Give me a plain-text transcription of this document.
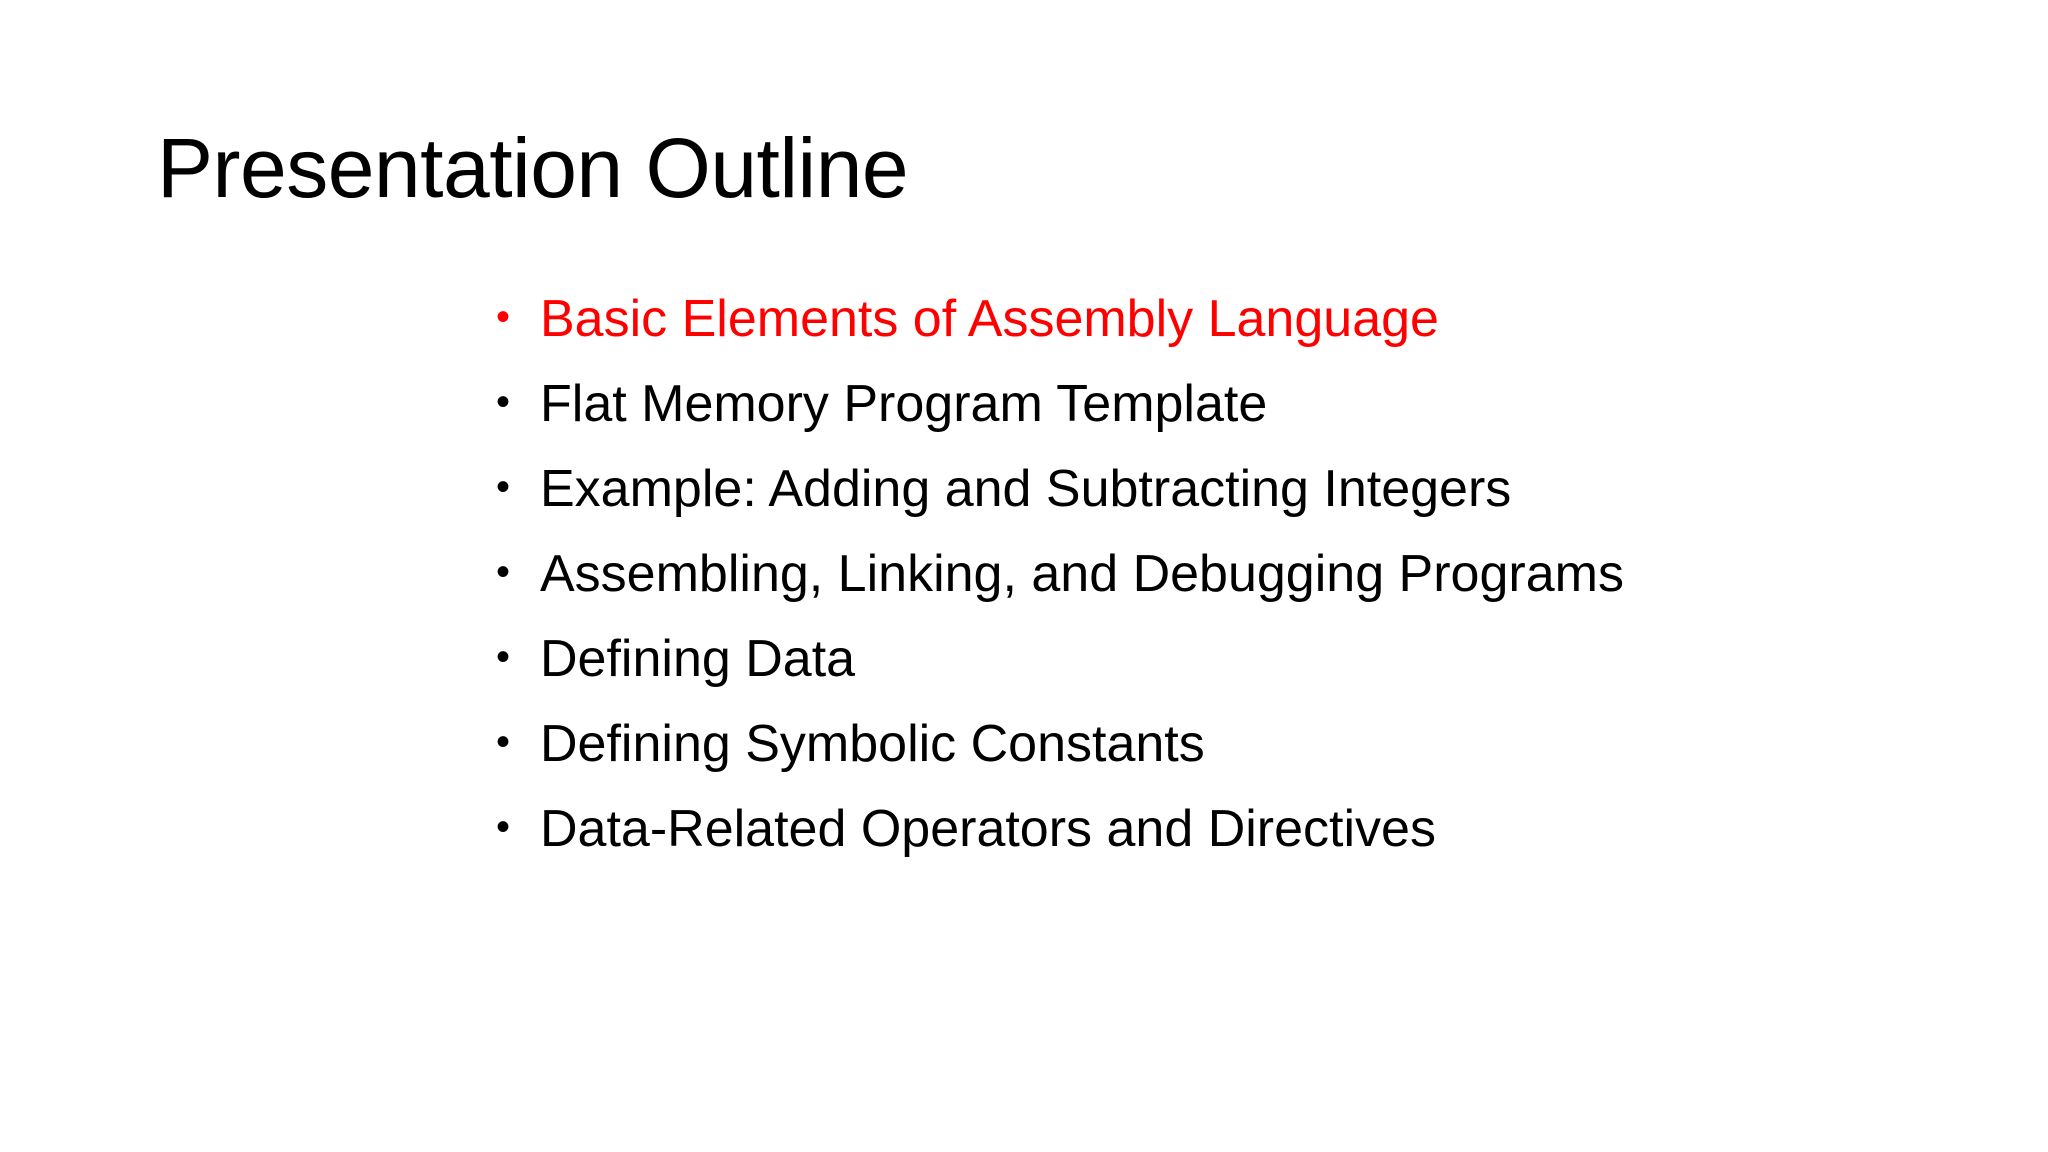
Presentation Outline
• Basic Elements of Assembly Language
• Flat Memory Program Template
• Example: Adding and Subtracting Integers
• Assembling, Linking, and Debugging Programs
• Defining Data
• Defining Symbolic Constants
• Data-Related Operators and Directives
